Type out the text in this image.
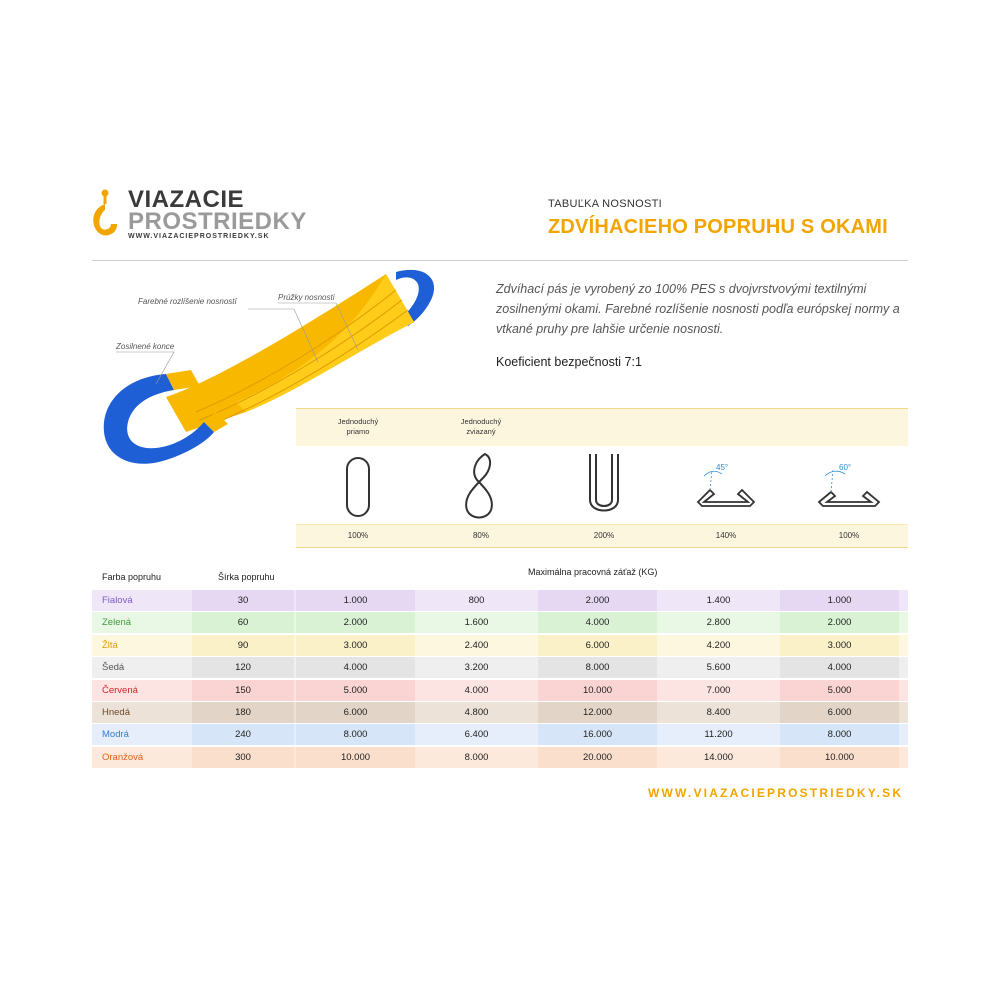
VIAZACIE
PROSTRIEDKY
WWW.VIAZACIEPROSTRIEDKY.SK
TABUĽKA NOSNOSTI
ZDVÍHACIEHO POPRUHU S OKAMI
Farebné rozlíšenie nosností	Prúžky nosnosti
Zosilnené konce
Zdvíhací pás je vyrobený zo 100% PES s dvojvrstvovými textilnými zosilnenými okami. Farebné rozlíšenie nosnosti podľa európskej normy a vtkané pruhy pre lahšie určenie nosnosti.
Koeficient bezpečnosti 7:1
Jednoduchý
priamo
100%
Jednoduchý
zviazaný
80%	200%
45°
140%
60°
100%
Farba popruhu	Šírka popruhu	Maximálna pracovná záťaž (KG)
Fialová	30	1.000	800	2.000	1.400	1.000
Zelená	60	2.000	1.600	4.000	2.800	2.000
Žltá	90	3.000	2.400	6.000	4.200	3.000
Šedá	120	4.000	3.200	8.000	5.600	4.000
Červená	150	5.000	4.000	10.000	7.000	5.000
Hnedá	180	6.000	4.800	12.000	8.400	6.000
Modrá	240	8.000	6.400	16.000	11.200	8.000
Oranžová	300	10.000	8.000	20.000	14.000	10.000
WWW.VIAZACIEPROSTRIEDKY.SK
